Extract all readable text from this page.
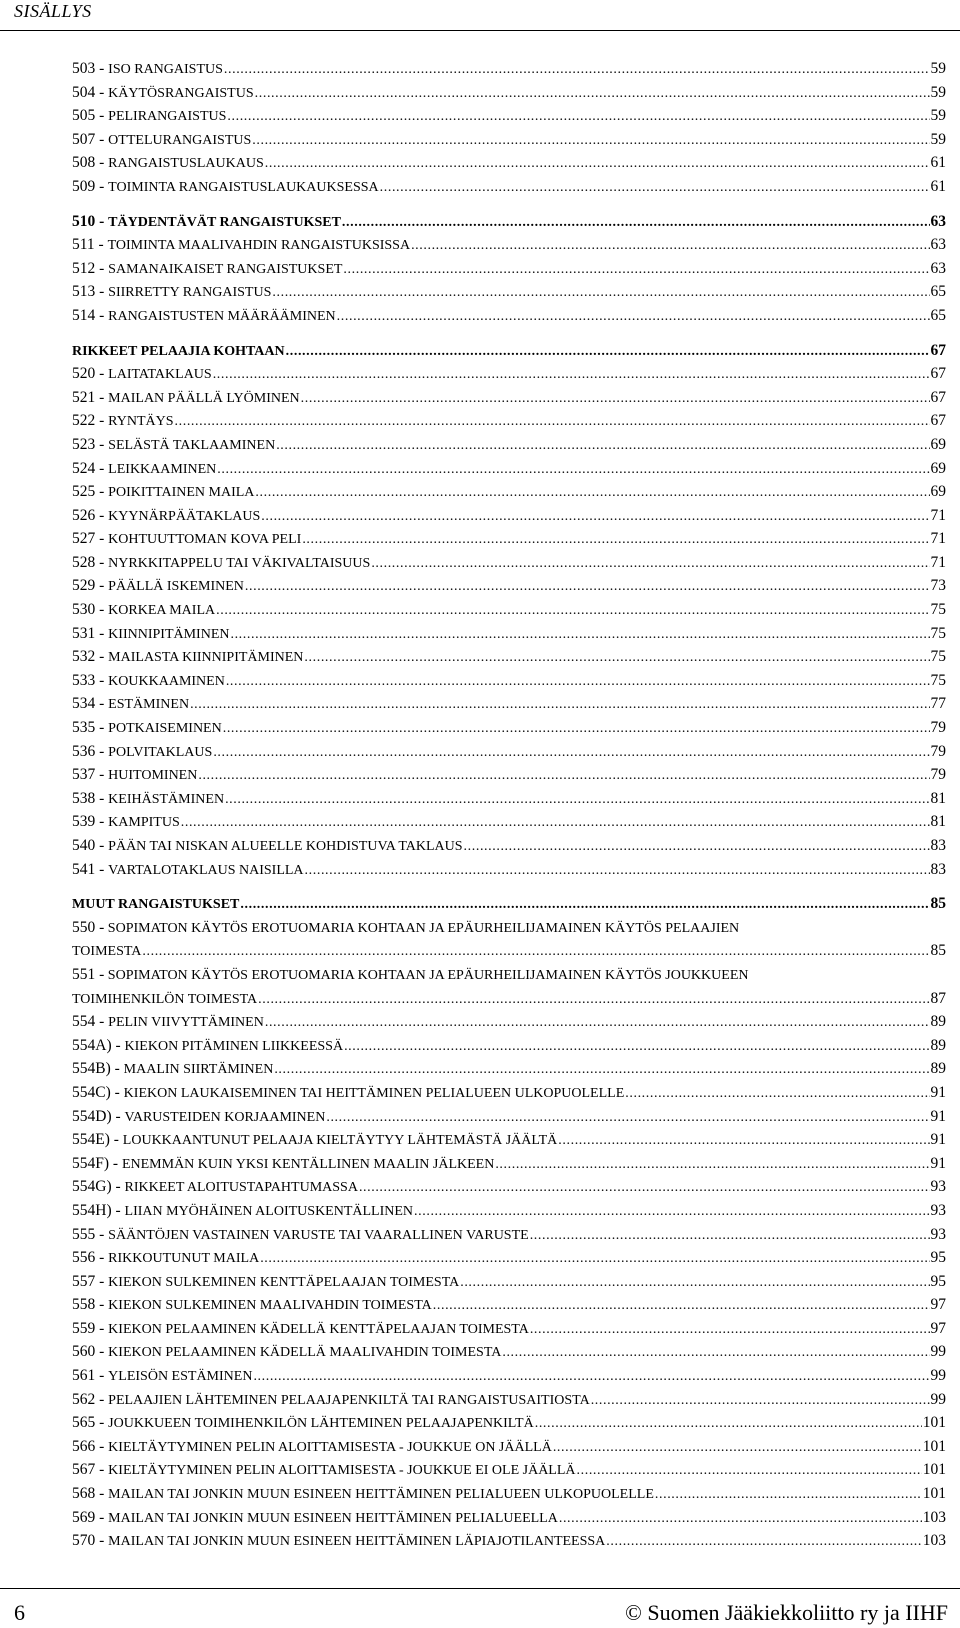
SISÄLLYS
503 - ISO RANGAISTUS .....	59
504 - KÄYTÖSRANGAISTUS .....	59
505 - PELIRANGAISTUS .....	59
507 - OTTELURANGAISTUS .....	59
508 - RANGAISTUSLAUKAUS .....	61
509 - TOIMINTA RANGAISTUSLAUKAUKSESSA .....	61
510 - TÄYDENTÄVÄT RANGAISTUKSET .....	63
511 - TOIMINTA MAALIVAHDIN RANGAISTUKSISSA .....	63
512 - SAMANAIKAISET RANGAISTUKSET .....	63
513 - SIIRRETTY RANGAISTUS .....	65
514 - RANGAISTUSTEN MÄÄRÄÄMINEN .....	65
RIKKEET PELAAJIA KOHTAAN .....	67
520 - LAITATAKLAUS .....	67
521 - MAILAN PÄÄLLÄ LYÖMINEN .....	67
522 - RYNTÄYS .....	67
523 - SELÄSTÄ TAKLAAMINEN .....	69
524 - LEIKKAAMINEN .....	69
525 - POIKITTAINEN MAILA .....	69
526 - KYYNÄRPÄÄTAKLAUS .....	71
527 - KOHTUUTTOMAN KOVA PELI .....	71
528 - NYRKKITAPPELU TAI VÄKIVALTAISUUS .....	71
529 - PÄÄLLÄ ISKEMINEN .....	73
530 - KORKEA MAILA .....	75
531 - KIINNIPITÄMINEN .....	75
532 - MAILASTA KIINNIPITÄMINEN .....	75
533 - KOUKKAAMINEN .....	75
534 - ESTÄMINEN .....	77
535 - POTKAISEMINEN .....	79
536 - POLVITAKLAUS .....	79
537 - HUITOMINEN .....	79
538 - KEIHÄSTÄMINEN .....	81
539 - KAMPITUS .....	81
540 - PÄÄN TAI NISKAN ALUEELLE KOHDISTUVA TAKLAUS .....	83
541 - VARTALOTAKLAUS NAISILLA .....	83
MUUT RANGAISTUKSET .....	85
550 - SOPIMATON KÄYTÖS EROTUOMARIA KOHTAAN JA EPÄURHEILIJAMAINEN KÄYTÖS PELAAJIEN
TOIMESTA .....	85
551 - SOPIMATON KÄYTÖS EROTUOMARIA KOHTAAN JA EPÄURHEILIJAMAINEN KÄYTÖS JOUKKUEEN
TOIMIHENKILÖN TOIMESTA .....	87
554 - PELIN VIIVYTTÄMINEN .....	89
554A) - KIEKON PITÄMINEN LIIKKEESSÄ .....	89
554B) - MAALIN SIIRTÄMINEN .....	89
554C) - KIEKON LAUKAISEMINEN TAI HEITTÄMINEN PELIALUEEN ULKOPUOLELLE .....	91
554D) - VARUSTEIDEN KORJAAMINEN .....	91
554E) - LOUKKAANTUNUT PELAAJA KIELTÄYTYY LÄHTEMÄSTÄ JÄÄLTÄ .....	91
554F) - ENEMMÄN KUIN YKSI KENTÄLLINEN MAALIN JÄLKEEN .....	91
554G) - RIKKEET ALOITUSTAPAHTUMASSA .....	93
554H) - LIIAN MYÖHÄINEN ALOITUSKENTÄLLINEN .....	93
555 - SÄÄNTÖJEN VASTAINEN VARUSTE TAI VAARALLINEN VARUSTE .....	93
556 - RIKKOUTUNUT MAILA .....	95
557 - KIEKON SULKEMINEN KENTTÄPELAAJAN TOIMESTA .....	95
558 - KIEKON SULKEMINEN MAALIVAHDIN TOIMESTA .....	97
559 - KIEKON PELAAMINEN KÄDELLÄ KENTTÄPELAAJAN TOIMESTA .....	97
560 - KIEKON PELAAMINEN KÄDELLÄ MAALIVAHDIN TOIMESTA .....	99
561 - YLEISÖN ESTÄMINEN .....	99
562 - PELAAJIEN LÄHTEMINEN PELAAJAPENKILTÄ TAI RANGAISTUSAITIOSTA .....	99
565 - JOUKKUEEN TOIMIHENKILÖN LÄHTEMINEN PELAAJAPENKILTÄ .....	101
566 - KIELTÄYTYMINEN PELIN ALOITTAMISESTA - JOUKKUE ON JÄÄLLÄ .....	101
567 - KIELTÄYTYMINEN PELIN ALOITTAMISESTA - JOUKKUE EI OLE JÄÄLLÄ .....	101
568 - MAILAN TAI JONKIN MUUN ESINEEN HEITTÄMINEN PELIALUEEN ULKOPUOLELLE .....	101
569 - MAILAN TAI JONKIN MUUN ESINEEN HEITTÄMINEN PELIALUEELLA .....	103
570 - MAILAN TAI JONKIN MUUN ESINEEN HEITTÄMINEN LÄPIAJOTILANTEESSA .....	103
6	© Suomen Jääkiekkoliitto ry ja IIHF
